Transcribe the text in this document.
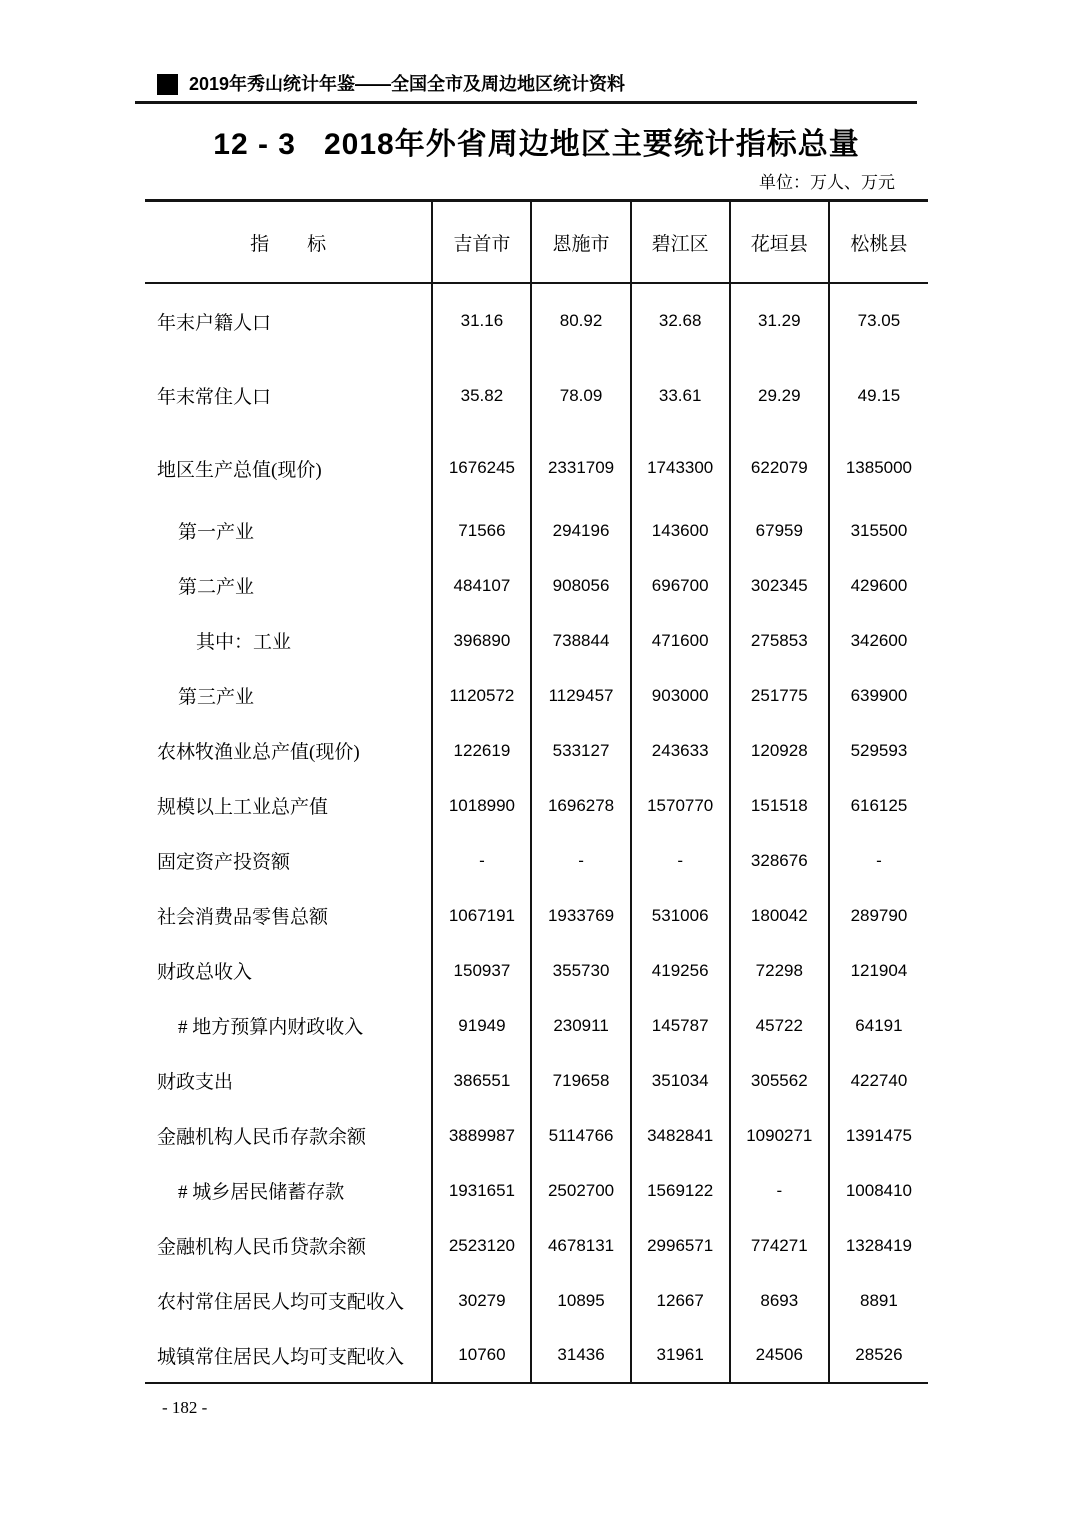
2019年秀山统计年鉴——全国全市及周边地区统计资料
12 - 3 2018年外省周边地区主要统计指标总量
单位：万人、万元
指　　标	吉首市	恩施市	碧江区	花垣县	松桃县
年末户籍人口	31.16	80.92	32.68	31.29	73.05
年末常住人口	35.82	78.09	33.61	29.29	49.15
地区生产总值(现价)	1676245	2331709	1743300	622079	1385000
第一产业	71566	294196	143600	67959	315500
第二产业	484107	908056	696700	302345	429600
其中：工业	396890	738844	471600	275853	342600
第三产业	1120572	1129457	903000	251775	639900
农林牧渔业总产值(现价)	122619	533127	243633	120928	529593
规模以上工业总产值	1018990	1696278	1570770	151518	616125
固定资产投资额	-	-	-	328676	-
社会消费品零售总额	1067191	1933769	531006	180042	289790
财政总收入	150937	355730	419256	72298	121904
# 地方预算内财政收入	91949	230911	145787	45722	64191
财政支出	386551	719658	351034	305562	422740
金融机构人民币存款余额	3889987	5114766	3482841	1090271	1391475
# 城乡居民储蓄存款	1931651	2502700	1569122	-	1008410
金融机构人民币贷款余额	2523120	4678131	2996571	774271	1328419
农村常住居民人均可支配收入	30279	10895	12667	8693	8891
城镇常住居民人均可支配收入	10760	31436	31961	24506	28526
- 182 -
